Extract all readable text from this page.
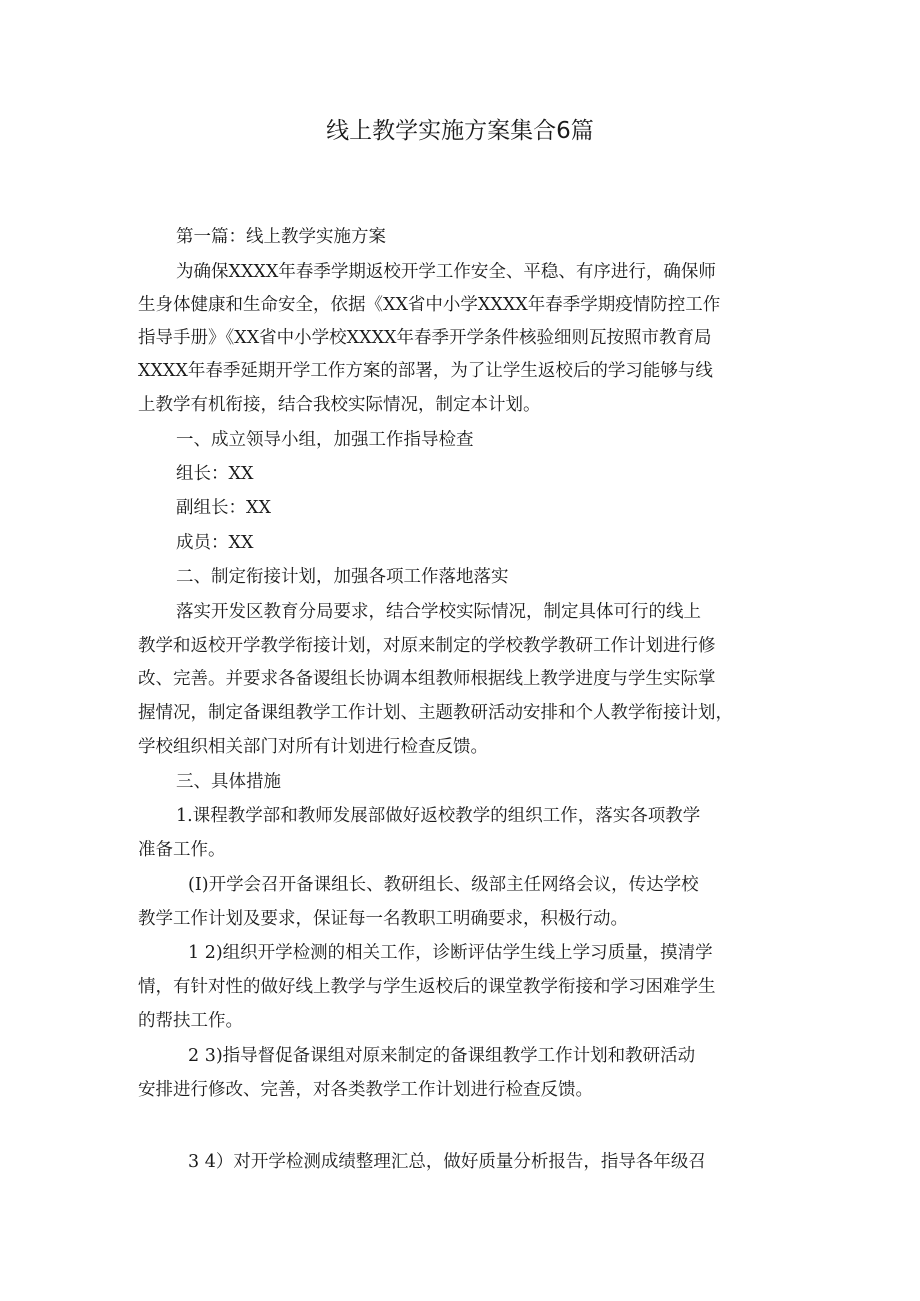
线上教学实施方案集合6篇

第一篇：线上教学实施方案

为确保XXXX年春季学期返校开学工作安全、平稳、有序进行，确保师

生身体健康和生命安全，依据《XX省中小学XXXX年春季学期疫情防控工作

指导手册》《XX省中小学校XXXX年春季开学条件核验细则瓦按照市教育局

XXXX年春季延期开学工作方案的部署，为了让学生返校后的学习能够与线

上教学有机衔接，结合我校实际情况，制定本计划。

一、成立领导小组，加强工作指导检查

组长：XX

副组长：XX

成员：XX

二、制定衔接计划，加强各项工作落地落实

落实开发区教育分局要求，结合学校实际情况，制定具体可行的线上

教学和返校开学教学衔接计划，对原来制定的学校教学教研工作计划进行修

改、完善。并要求各备谡组长协调本组教师根据线上教学进度与学生实际掌

握情况，制定备课组教学工作计划、主题教研活动安排和个人教学衔接计划，

学校组织相关部门对所有计划进行检查反馈。

三、具体措施

1.课程教学部和教师发展部做好返校教学的组织工作，落实各项教学

准备工作。

(I)开学会召开备课组长、教研组长、级部主任网络会议，传达学校

教学工作计划及要求，保证每一名教职工明确要求，积极行动。

1 2)组织开学检测的相关工作，诊断评估学生线上学习质量，摸清学

情，有针对性的做好线上教学与学生返校后的课堂教学衔接和学习困难学生

的帮扶工作。

2 3)指导督促备课组对原来制定的备课组教学工作计划和教研活动

安排进行修改、完善，对各类教学工作计划进行检查反馈。

3 4）对开学检测成绩整理汇总，做好质量分析报告，指导各年级召
